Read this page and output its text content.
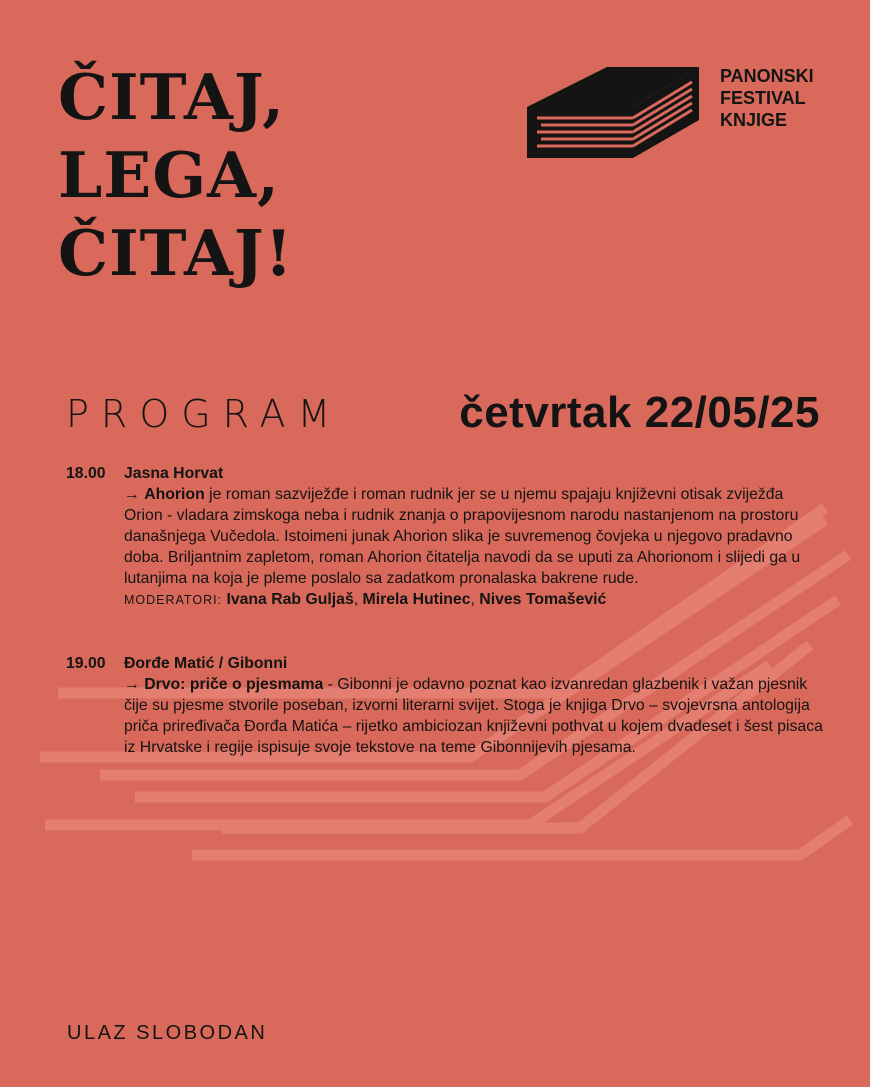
ČITAJ,
LEGA,
ČITAJ!
PANONSKI
FESTIVAL
KNJIGE
PROGRAM	četvrtak 22/05/25
18.00 Jasna Horvat
→ Ahorion je roman sazviježđe i roman rudnik jer se u njemu spajaju književni otisak zviježđa Orion - vladara zimskoga neba i rudnik znanja o prapovijesnom narodu nastanjenom na prostoru današnjega Vučedola. Istoimeni junak Ahorion slika je suvremenog čovjeka u njegovo pradavno doba. Briljantnim zapletom, roman Ahorion čitatelja navodi da se uputi za Ahorionom i slijedi ga u lutanjima na koja je pleme poslalo sa zadatkom pronalaska bakrene rude.
MODERATORI: Ivana Rab Guljaš, Mirela Hutinec, Nives Tomašević
19.00 Đorđe Matić / Gibonni
→ Drvo: priče o pjesmama - Gibonni je odavno poznat kao izvanredan glazbenik i važan pjesnik čije su pjesme stvorile poseban, izvorni literarni svijet. Stoga je knjiga Drvo – svojevrsna antologija priča priređivača Đorđa Matića – rijetko ambiciozan književni pothvat u kojem dvadeset i šest pisaca iz Hrvatske i regije ispisuje svoje tekstove na teme Gibonnijevih pjesama.
ULAZ SLOBODAN
